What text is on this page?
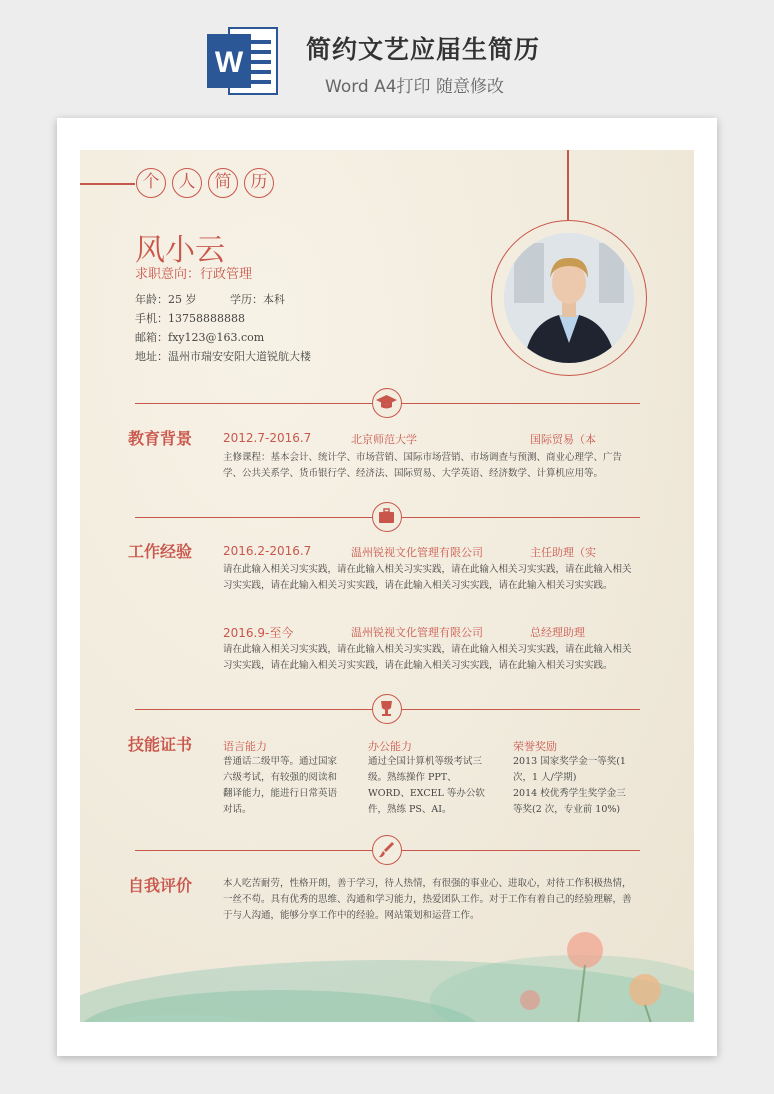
W	简约文艺应届生简历
Word A4打印 随意修改
个	人	简	历
风小云
求职意向：行政管理
年龄：25 岁	学历：本科
手机：13758888888
邮箱：fxy123@163.com
地址：温州市瑞安安阳大道锐航大楼
教育背景	2012.7-2016.7	北京师范大学	国际贸易（本
主修课程：基本会计、统计学、市场营销、国际市场营销、市场调查与预测、商业心理学、广告学、公共关系学、货币银行学、经济法、国际贸易、大学英语、经济数学、计算机应用等。
工作经验	2016.2-2016.7	温州锐视文化管理有限公司	主任助理（实
请在此输入相关习实实践，请在此输入相关习实实践，请在此输入相关习实实践，请在此输入相关习实实践，请在此输入相关习实实践，请在此输入相关习实实践，请在此输入相关习实实践。
2016.9-至今	温州锐视文化管理有限公司	总经理助理
请在此输入相关习实实践，请在此输入相关习实实践，请在此输入相关习实实践，请在此输入相关习实实践，请在此输入相关习实实践，请在此输入相关习实实践，请在此输入相关习实实践。
技能证书	语言能力
普通话二级甲等。通过国家六级考试，有较强的阅读和翻译能力，能进行日常英语对话。
办公能力
通过全国计算机等级考试三级。熟练操作 PPT、WORD、EXCEL 等办公软件，熟练 PS、AI。
荣誉奖励
2013 国家奖学金一等奖(1次，1 人/学期)
2014 校优秀学生奖学金三等奖(2 次，专业前 10%)
自我评价	本人吃苦耐劳，性格开朗，善于学习，待人热情，有很强的事业心、进取心，对待工作积极热情，一丝不苟。具有优秀的思维、沟通和学习能力，热爱团队工作。对于工作有着自己的经验理解，善于与人沟通，能够分享工作中的经验。网站策划和运营工作。
